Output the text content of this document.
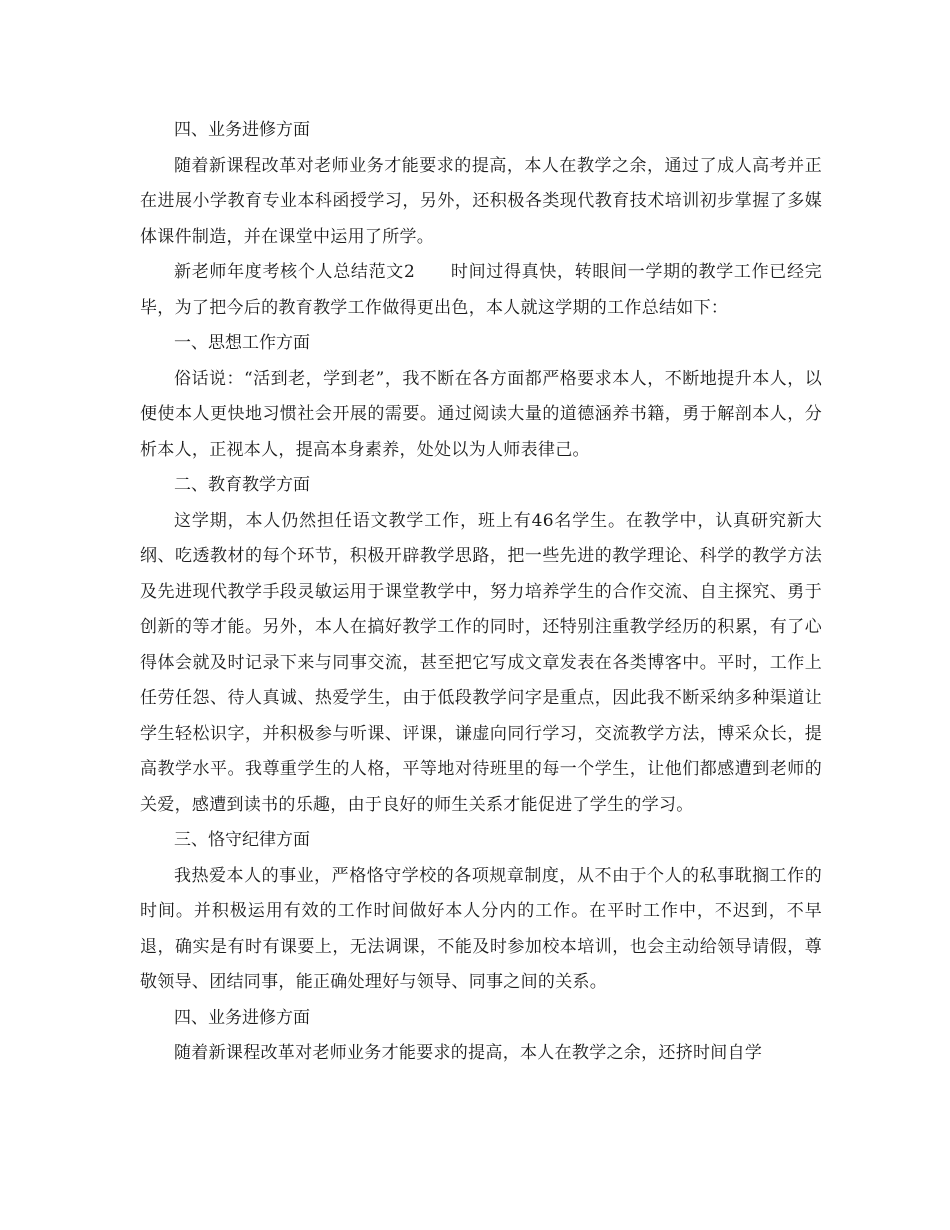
四、业务进修方面

随着新课程改革对老师业务才能要求的提高，本人在教学之余，通过了成人高考并正在进展小学教育专业本科函授学习，另外，还积极各类现代教育技术培训初步掌握了多媒体课件制造，并在课堂中运用了所学。

新老师年度考核个人总结范文2　　时间过得真快，转眼间一学期的教学工作已经完毕，为了把今后的教育教学工作做得更出色，本人就这学期的工作总结如下：

一、思想工作方面

俗话说：“活到老，学到老”，我不断在各方面都严格要求本人，不断地提升本人，以便使本人更快地习惯社会开展的需要。通过阅读大量的道德涵养书籍，勇于解剖本人，分析本人，正视本人，提高本身素养，处处以为人师表律己。

二、教育教学方面

这学期，本人仍然担任语文教学工作，班上有46名学生。在教学中，认真研究新大纲、吃透教材的每个环节，积极开辟教学思路，把一些先进的教学理论、科学的教学方法及先进现代教学手段灵敏运用于课堂教学中，努力培养学生的合作交流、自主探究、勇于创新的等才能。另外，本人在搞好教学工作的同时，还特别注重教学经历的积累，有了心得体会就及时记录下来与同事交流，甚至把它写成文章发表在各类博客中。平时，工作上任劳任怨、待人真诚、热爱学生，由于低段教学问字是重点，因此我不断采纳多种渠道让学生轻松识字，并积极参与听课、评课，谦虚向同行学习，交流教学方法，博采众长，提高教学水平。我尊重学生的人格，平等地对待班里的每一个学生，让他们都感遭到老师的关爱，感遭到读书的乐趣，由于良好的师生关系才能促进了学生的学习。

三、恪守纪律方面

我热爱本人的事业，严格恪守学校的各项规章制度，从不由于个人的私事耽搁工作的时间。并积极运用有效的工作时间做好本人分内的工作。在平时工作中，不迟到，不早退，确实是有时有课要上，无法调课，不能及时参加校本培训，也会主动给领导请假，尊敬领导、团结同事，能正确处理好与领导、同事之间的关系。

四、业务进修方面

随着新课程改革对老师业务才能要求的提高，本人在教学之余，还挤时间自学
